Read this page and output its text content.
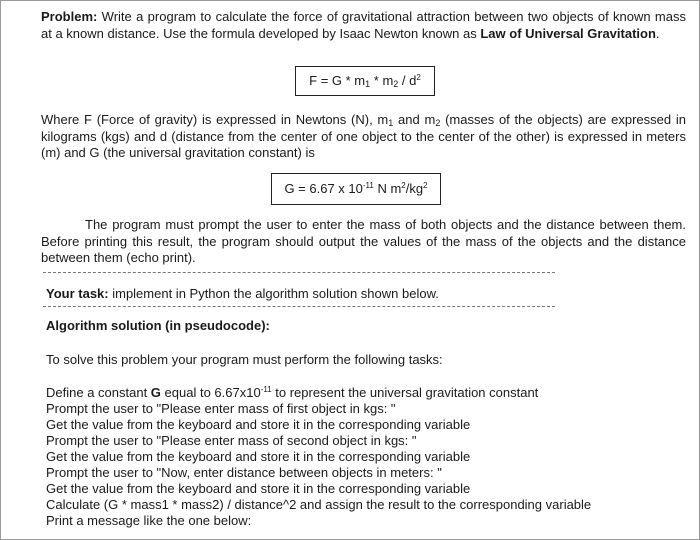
Problem: Write a program to calculate the force of gravitational attraction between two objects of known mass at a known distance. Use the formula developed by Isaac Newton known as Law of Universal Gravitation.

$F = G * m_1 * m_2 / d^2$

Where F (Force of gravity) is expressed in Newtons (N), $m_1$ and $m_2$ (masses of the objects) are expressed in kilograms (kgs) and d (distance from the center of one object to the center of the other) is expressed in meters (m) and G (the universal gravitation constant) is

G = 6.67 x $10^{-11}$ N $m^2/kg^2$

The program must prompt the user to enter the mass of both objects and the distance between them. Before printing this result, the program should output the values of the mass of the objects and the distance between them (echo print).

Your task: implement in Python the algorithm solution shown below.

Algorithm solution (in pseudocode):

To solve this problem your program must perform the following tasks:

Define a constant G equal to $6.67x10^{-11}$ to represent the universal gravitation constant

Prompt the user to "Please enter mass of first object in kgs: "

Get the value from the keyboard and store it in the corresponding variable

Prompt the user to "Please enter mass of second object in kgs: "

Get the value from the keyboard and store it in the corresponding variable

Prompt the user to "Now, enter distance between objects in meters: "

Get the value from the keyboard and store it in the corresponding variable

Calculate (G * mass1 * mass2) / distance^2 and assign the result to the corresponding variable

Print a message like the one below:
